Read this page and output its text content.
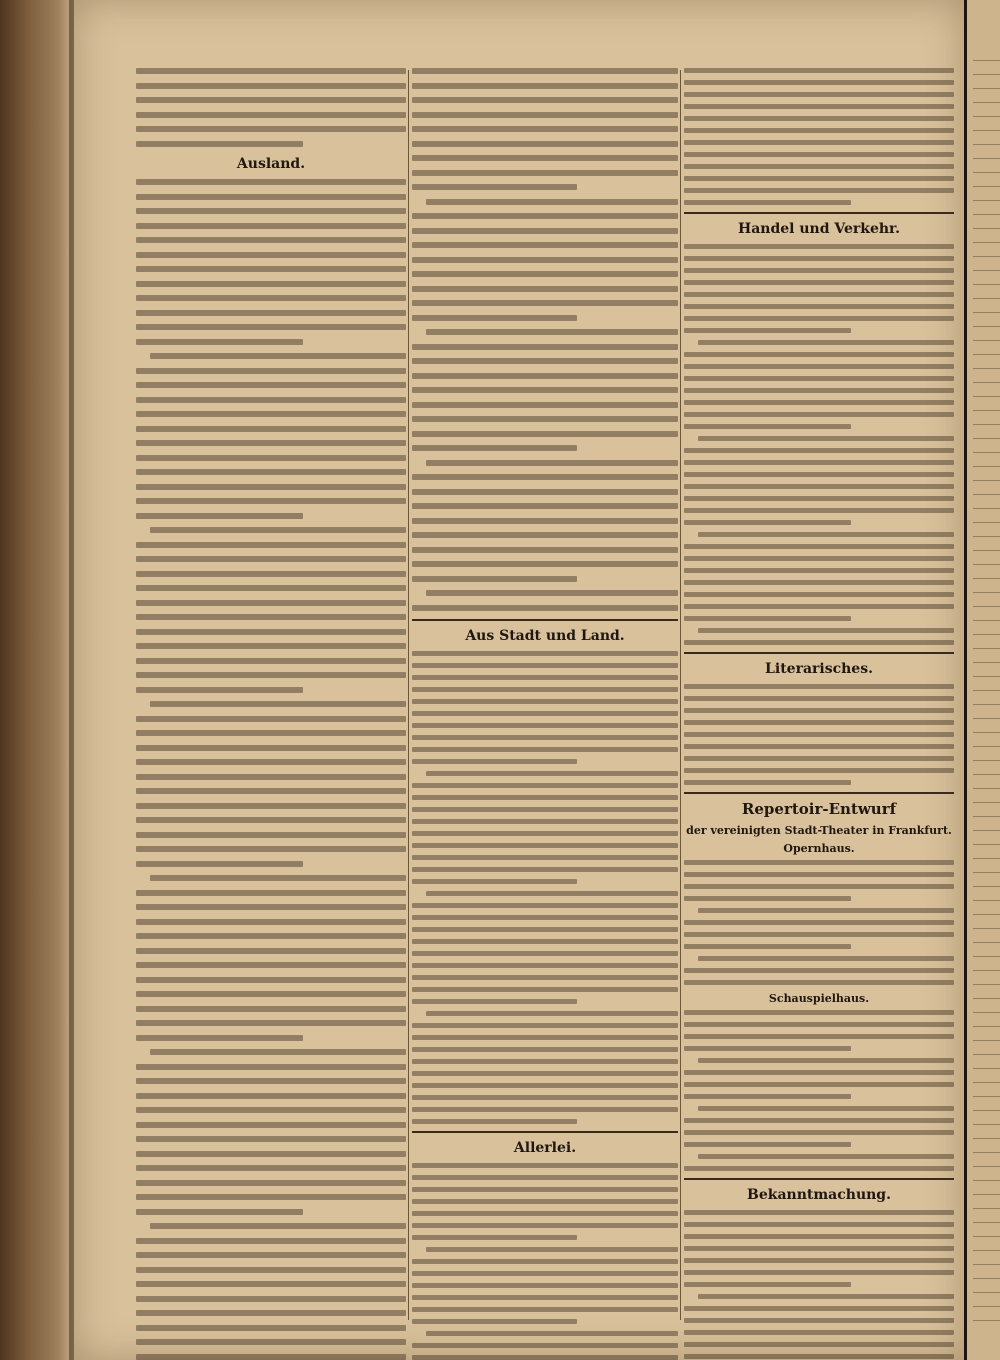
Ausland.
Aus Stadt und Land.
Allerlei.
Handel und Verkehr.
Literarisches.
Repertoir-Entwurf
der vereinigten Stadt-Theater in Frankfurt.
Opernhaus.
Schauspielhaus.
Bekanntmachung.
